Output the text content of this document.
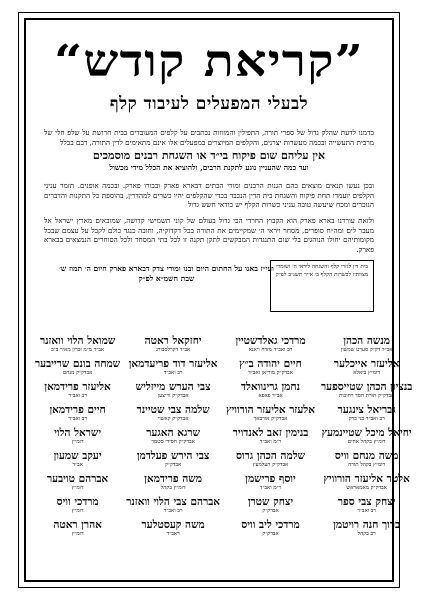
”קריאת קודש“
לבעלי המפעלים לעיבוד קלף
בדמנו לדעת שהלק גדול של ספרי תורה, התפילין והמזוזות נכתבים על קלפים המעובדים בבית חרושת על שלפ חלי של מרבית התעשייה ובכמה מעשרות יצרנים, והקלפים המיוצרים במפעלים אלו אינם מתאימים לדין התורה, דבם בכלל
אין עליהם שום פיקוח בי״ד או השגחת רבנים מוסמכים
ועד כמה שהעניין נוגע לתקנת הרבים, ולהוציא את הכלל מידי מכשול
ובכן נעשו תנאים מוצאים בהם הגנות הרבנים ומורי הבתים דבארא פארק ובבורו פארק. ובכמה אופנים. תזמר עניני הקלפים יועמדו תחת פיקוח והשגחת בית הדין הנכבד בכדי שהקלפים יהיו כשרים למהדרין, בהוספת כל התקנות והדברים הנזכרים ומכח שיעשה טובה עניני כשרות הקלף יש בודאי חשש גדול
ולזאת עוררנו בארא פארק הוא הקבוץ החרדי הכי גדול בעולם של קוני תשמישי קדושה, שמובאים מארץ ישראל אל מעבר לים ומה״ח סופרים, מסחר ויראי ה׳ שמקיימים את התורה בכל דקדוקיה, וחובה כנגד כולם לקבל על עצמם שבכל מקומותיהם יחולו הנוהגים בלי שום התנגדות המבקשים לתקן תקנה זו לכל בתי המסחר ולכל הסוחרים הנמצאים בבארא פארק.
בית דין לגזרי קלף והשגחה ליראי ה׳ ושומרי מצוותיו לכשרות הקלף ב׳ אייר תשנ״ב לפ״ק
ועי״ז באנו על החתום היום ובנו ומורי צדק דבארא פארק חיום ה׳ תמוז ש׳ שבת חשמ״א לפ״ק
שמואל הלוי וואזנר
אב״ד מ״מ זכרון מאיר ב״ב
יחזקאל ראטה
אב״ד דקרלסבורג
מרדכי גאלדשטיין
רב ואב״ד מזרח ויאנא
מנשה הכהן
אב״ד דק״ק סערט שמשון
שמחה בונם שרייבער
אבדק״ק מנחם
אליעזר דוד פריעדמאן
רב ואב״ד
חיים יהודה ב״ץ
אבדק״ק מוריאן ואב״ד
אליעזר אייכלער
דומ״ץ ביאלא
אליעזר פרידמאן
רב ואב״ד
צבי הערש מייזליש
אבדק״ק ווייצען
נחמן גרינוואלד
אב״ד פאפא
בנציון הכהן שטייספער
אבדק״ק תורת חסד רחובות
חיים פרידמאן
רב ואב״ד
שלמה צבי שטיינר
אבדק״ק קאשוי
אלעזר אליעזר הורוויץ
אבדק״ק אורבאך
גבריאל צינגער
רב ואב״ד בני ברק
ישראל הלוי
דומ״ץ
שרגא האגער
אבדק״ק חסידי סטמר
בנימין זאב לאנדויר
ר״מ ואב״ד
יחיאל מיכל שטיינמעץ
דומ״ץ בקהל אחים
יעקב שמעון
אב״ד
צבי הירש פעלדמן
אבדק״ק
שלמה הכהן גרוס
אבדק״ק העלמעץ
משה מנחם וויס
דומ״ץ בקהל תורה
אברהם טויבער
דומ״ץ
משה פרידמאן
דומ״ץ בקהל
יוסף פרישמן
ר״מ ואב״ד
אלטר אליעזר הורוויץ
אבדק״ק מאמאראש
מרדכי וויס
דומ״ץ
אברהם צבי הלוי וואזנר
רב ואב״ד
יצחק שטרן
אבדק״ק
יצחק צבי ספר
רב ואב״ד
אהרן ראטה
דומ״ץ
משה קעסטלער
ראב״ד
מרדכי ליב וויס
אבדק״ק
ברוך חנה רויטמן
רב בקהל
